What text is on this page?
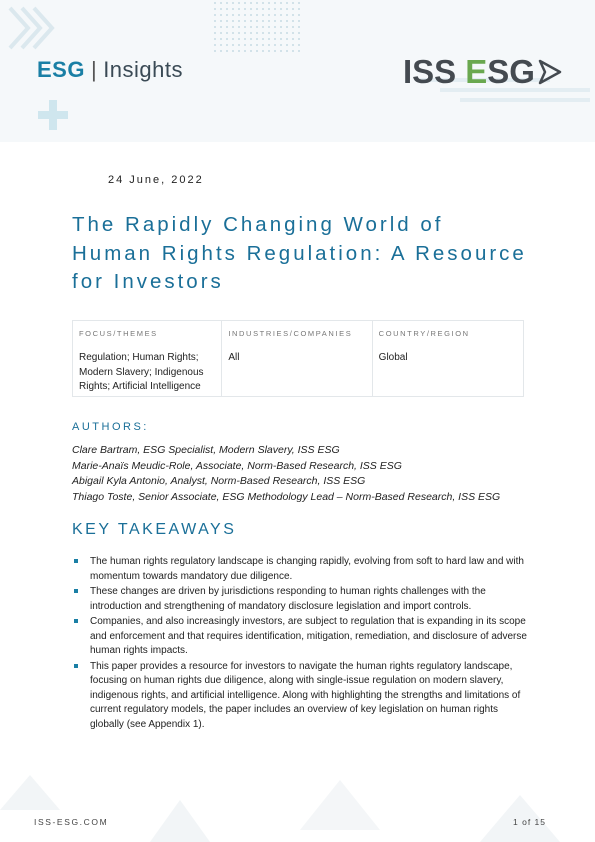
ESG | Insights	ISS E SG
24 June, 2022
The Rapidly Changing World of Human Rights Regulation: A Resource for Investors
FOCUS/THEMES
Regulation; Human Rights; Modern Slavery; Indigenous Rights; Artificial Intelligence
INDUSTRIES/COMPANIES
All
COUNTRY/REGION
Global
AUTHORS:
Clare Bartram, ESG Specialist, Modern Slavery, ISS ESG
Marie-Anaïs Meudic-Role, Associate, Norm-Based Research, ISS ESG
Abigail Kyla Antonio, Analyst, Norm-Based Research, ISS ESG
Thiago Toste, Senior Associate, ESG Methodology Lead – Norm-Based Research, ISS ESG
KEY TAKEAWAYS
The human rights regulatory landscape is changing rapidly, evolving from soft to hard law and with momentum towards mandatory due diligence.
These changes are driven by jurisdictions responding to human rights challenges with the introduction and strengthening of mandatory disclosure legislation and import controls.
Companies, and also increasingly investors, are subject to regulation that is expanding in its scope and enforcement and that requires identification, mitigation, remediation, and disclosure of adverse human rights impacts.
This paper provides a resource for investors to navigate the human rights regulatory landscape, focusing on human rights due diligence, along with single-issue regulation on modern slavery, indigenous rights, and artificial intelligence. Along with highlighting the strengths and limitations of current regulatory models, the paper includes an overview of key legislation on human rights globally (see Appendix 1).
ISS-ESG.COM	1 of 15
